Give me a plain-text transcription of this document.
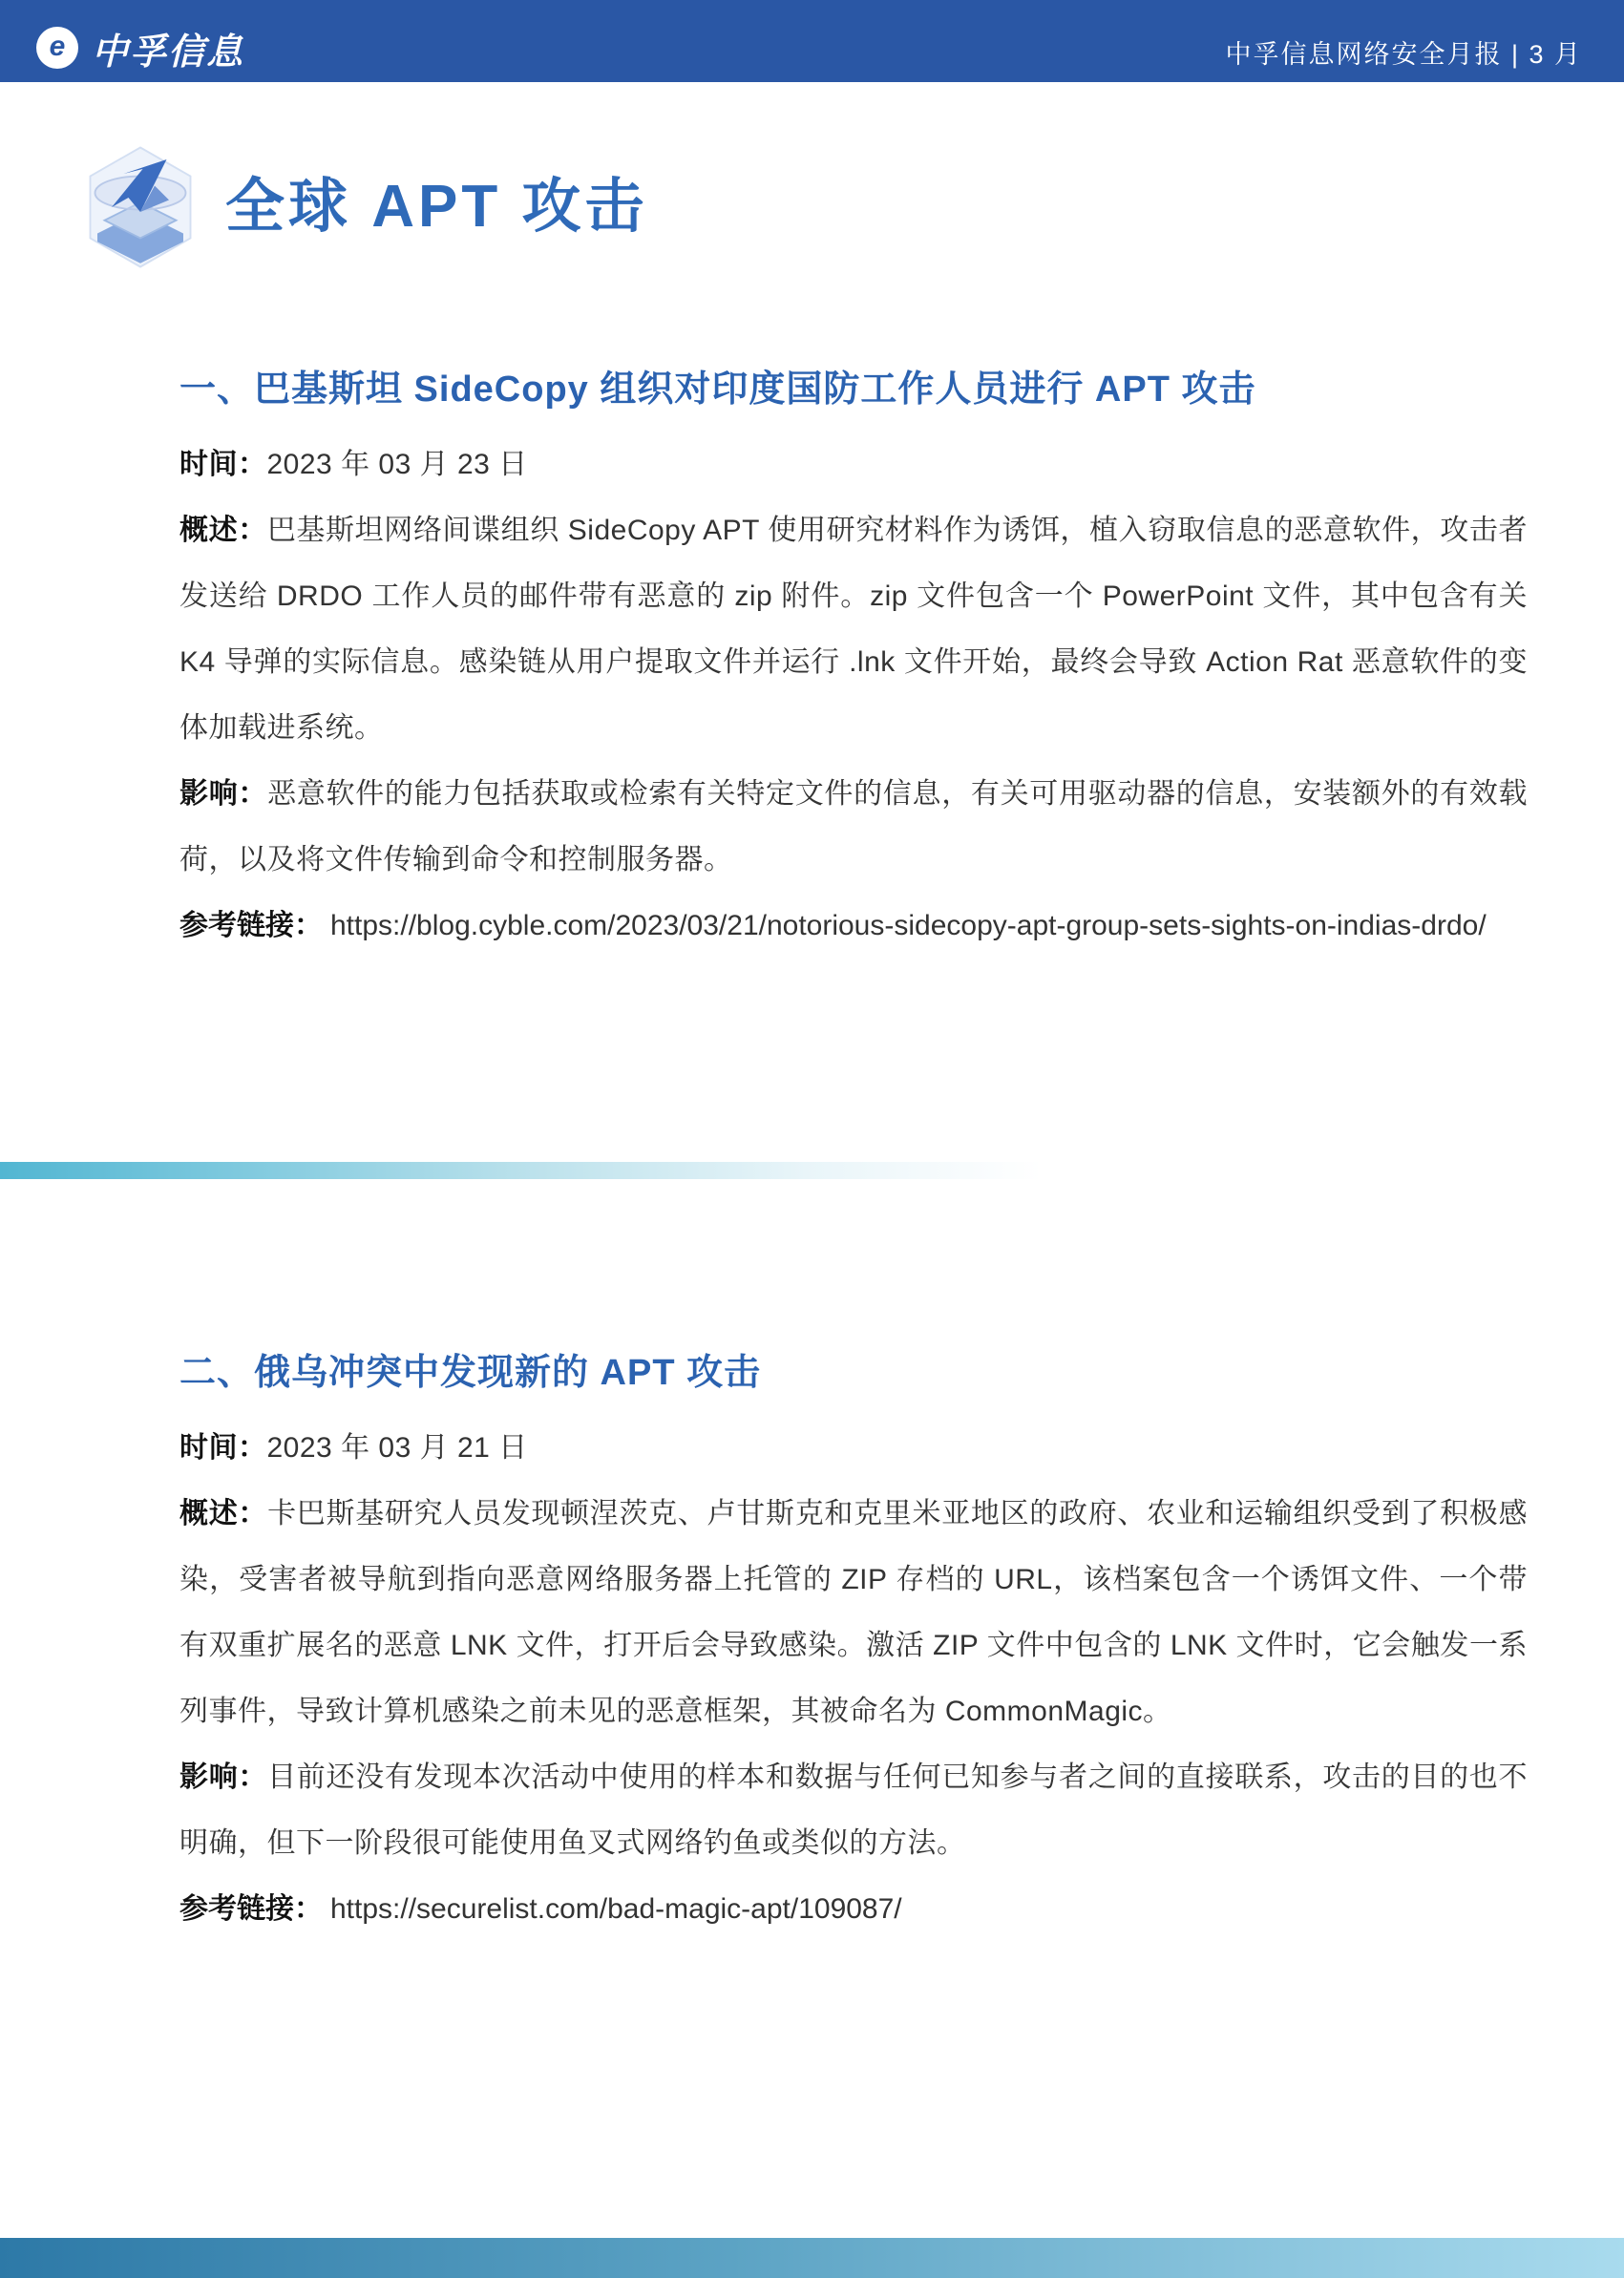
e 中孚信息	中孚信息网络安全月报 | 3 月
全球 APT 攻击
一、巴基斯坦 SideCopy 组织对印度国防工作人员进行 APT 攻击
时间：2023 年 03 月 23 日
概述：巴基斯坦网络间谍组织 SideCopy APT 使用研究材料作为诱饵，植入窃取信息的恶意软件，攻击者发送给 DRDO 工作人员的邮件带有恶意的 zip 附件。zip 文件包含一个 PowerPoint 文件，其中包含有关 K4 导弹的实际信息。感染链从用户提取文件并运行 .lnk 文件开始，最终会导致 Action Rat 恶意软件的变体加载进系统。
影响：恶意软件的能力包括获取或检索有关特定文件的信息，有关可用驱动器的信息，安装额外的有效载荷，以及将文件传输到命令和控制服务器。
参考链接： https://blog.cyble.com/2023/03/21/notorious-sidecopy-apt-group-sets-sights-on-indias-drdo/
二、俄乌冲突中发现新的 APT 攻击
时间：2023 年 03 月 21 日
概述：卡巴斯基研究人员发现顿涅茨克、卢甘斯克和克里米亚地区的政府、农业和运输组织受到了积极感染，受害者被导航到指向恶意网络服务器上托管的 ZIP 存档的 URL，该档案包含一个诱饵文件、一个带有双重扩展名的恶意 LNK 文件，打开后会导致感染。激活 ZIP 文件中包含的 LNK 文件时，它会触发一系列事件，导致计算机感染之前未见的恶意框架，其被命名为 CommonMagic。
影响：目前还没有发现本次活动中使用的样本和数据与任何已知参与者之间的直接联系，攻击的目的也不明确，但下一阶段很可能使用鱼叉式网络钓鱼或类似的方法。
参考链接： https://securelist.com/bad-magic-apt/109087/
